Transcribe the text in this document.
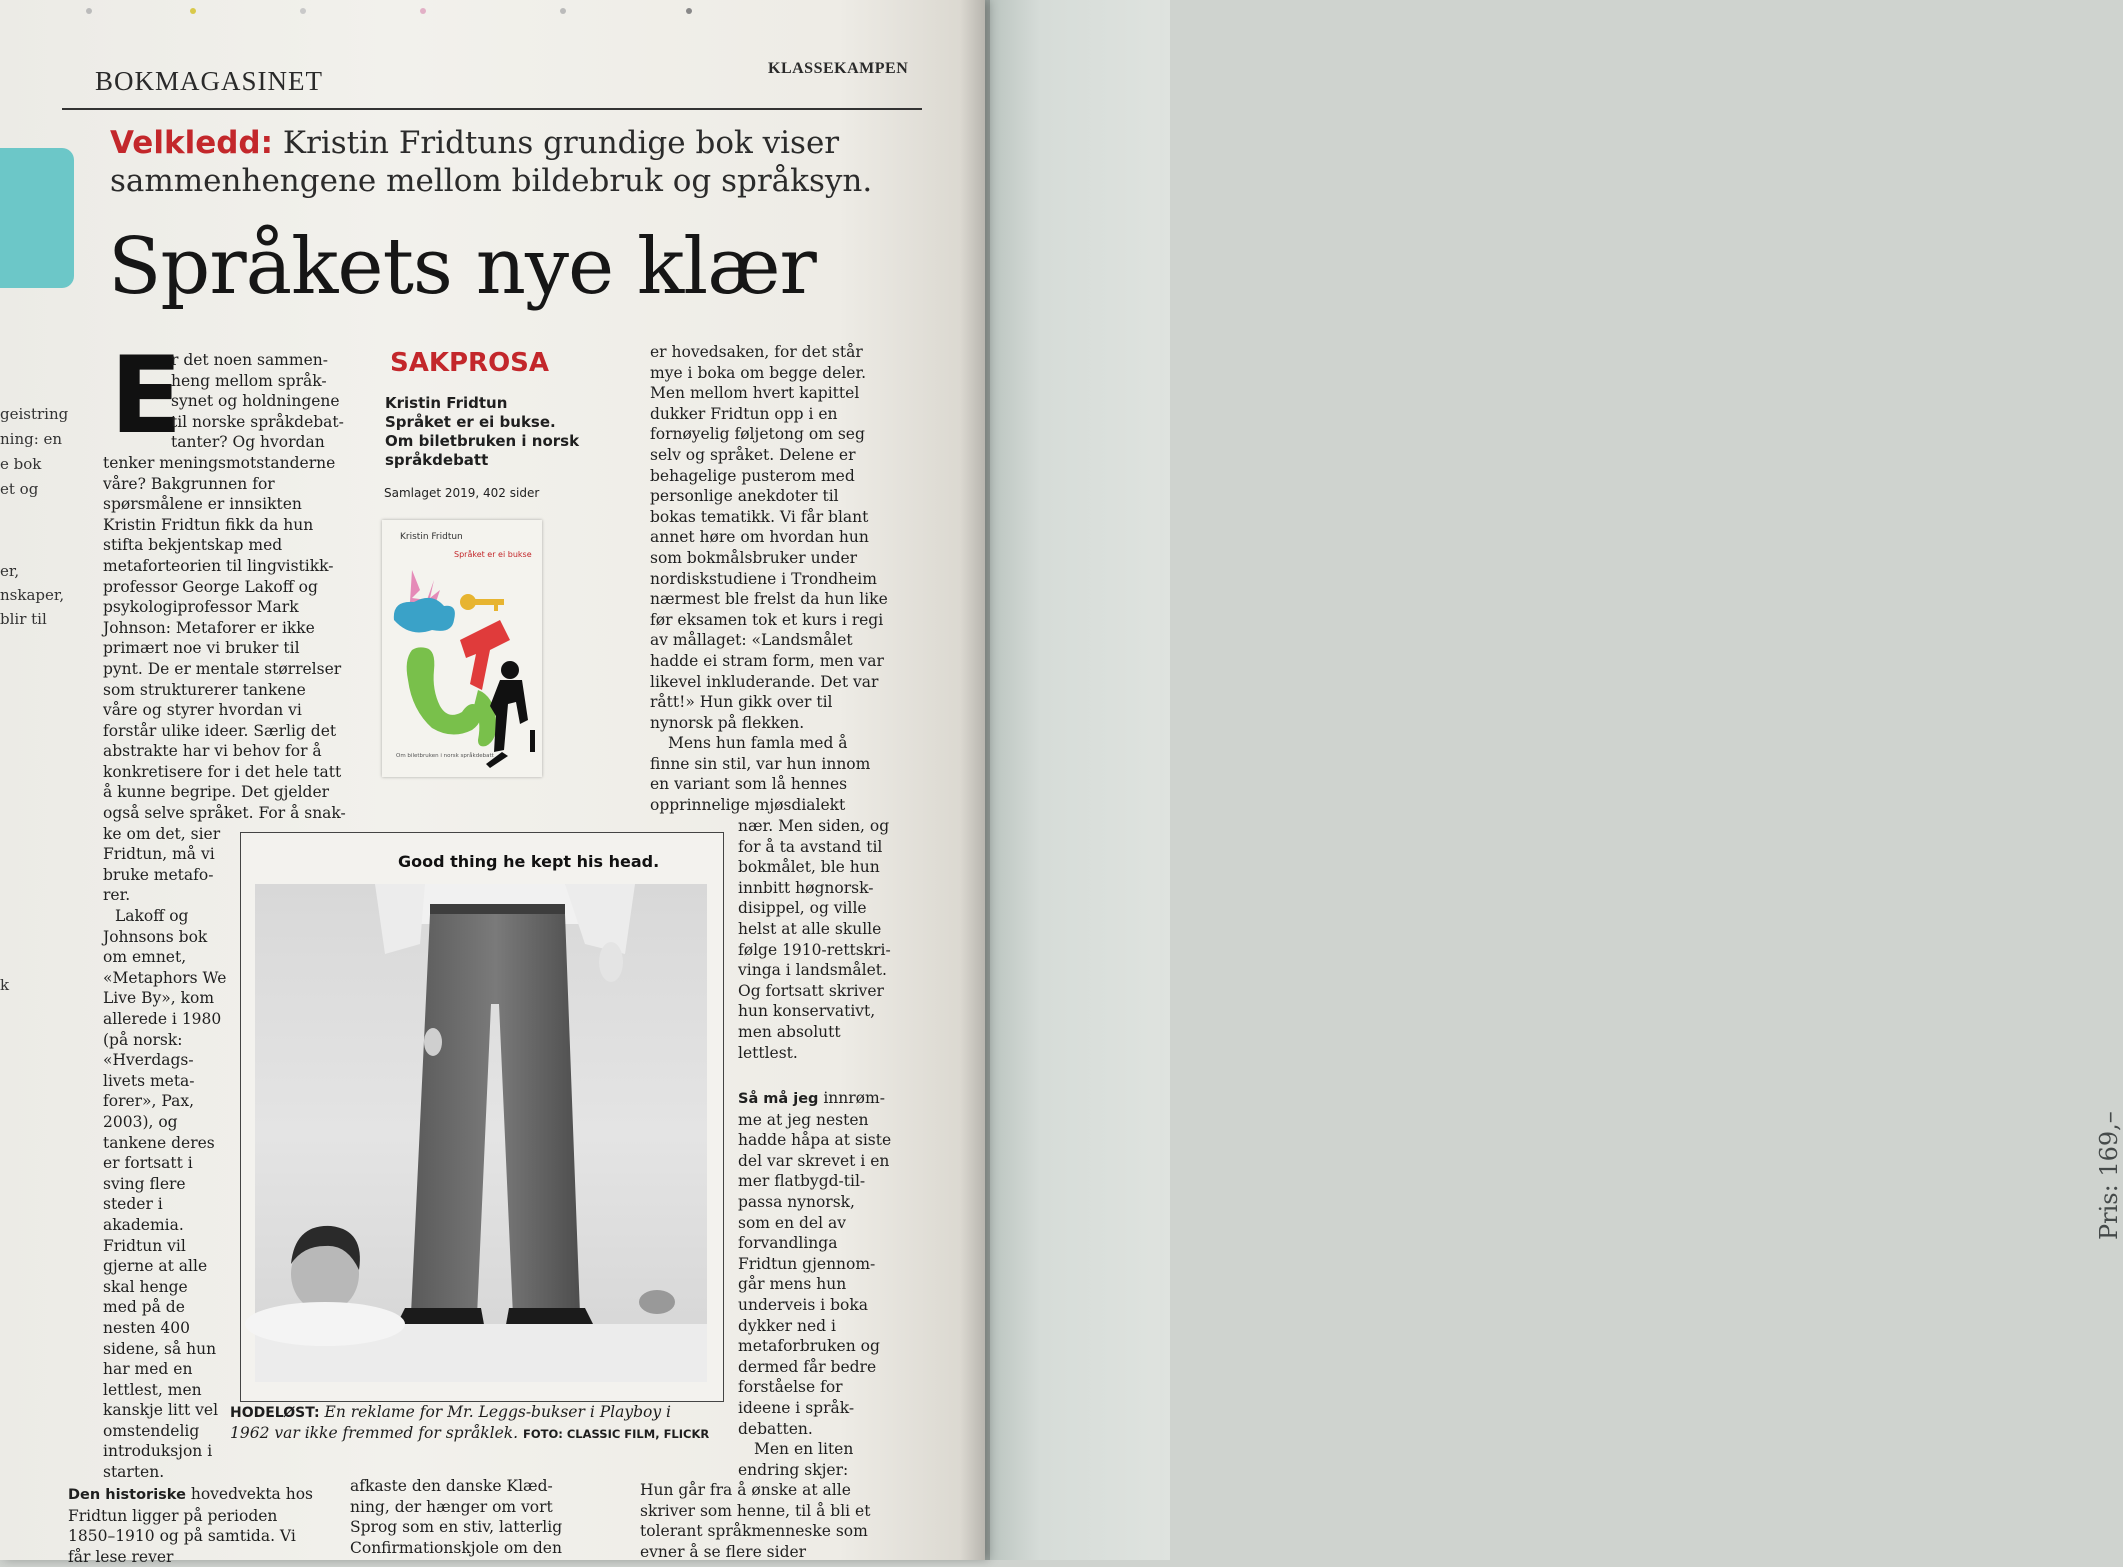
Pris: 169,–
geistring
ning: en
e bok
et og
er,
nskaper,
blir til
k
BOKMAGASINET	KLASSEKAMPEN
Velkledd: Kristin Fridtuns grundige bok viser sammenhengene mellom bildebruk og språksyn.
Språkets nye klær
E
r det noen sammen-
heng mellom språk-
synet og holdningene
til norske språkdebat-
tanter? Og hvordan
tenker meningsmotstanderne
våre? Bakgrunnen for
spørsmålene er innsikten
Kristin Fridtun fikk da hun
stifta bekjentskap med
metaforteorien til lingvistikk-
professor George Lakoff og
psykologiprofessor Mark
Johnson: Metaforer er ikke
primært noe vi bruker til
pynt. De er mentale størrelser
som strukturerer tankene
våre og styrer hvordan vi
forstår ulike ideer. Særlig det
abstrakte har vi behov for å
konkretisere for i det hele tatt
å kunne begripe. Det gjelder
også selve språket. For å snak-
ke om det, sier
Fridtun, må vi
bruke metafo-
rer.
Lakoff og
Johnsons bok
om emnet,
«Metaphors We
Live By», kom
allerede i 1980
(på norsk:
«Hverdags-
livets meta-
forer», Pax,
2003), og
tankene deres
er fortsatt i
sving flere
steder i
akademia.
Fridtun vil
gjerne at alle
skal henge
med på de
nesten 400
sidene, så hun
har med en
lettlest, men
kanskje litt vel
omstendelig
introduksjon i
starten.
SAKPROSA
Kristin Fridtun
Språket er ei bukse.
Om biletbruken i norsk
språkdebatt
Samlaget 2019, 402 sider
Kristin Fridtun
Språket er ei bukse
Om biletbruken i norsk språkdebatt
er hovedsaken, for det står
mye i boka om begge deler.
Men mellom hvert kapittel
dukker Fridtun opp i en
fornøyelig føljetong om seg
selv og språket. Delene er
behagelige pusterom med
personlige anekdoter til
bokas tematikk. Vi får blant
annet høre om hvordan hun
som bokmålsbruker under
nordiskstudiene i Trondheim
nærmest ble frelst da hun like
før eksamen tok et kurs i regi
av mållaget: «Landsmålet
hadde ei stram form, men var
likevel inkluderande. Det var
rått!» Hun gikk over til
nynorsk på flekken.
Mens hun famla med å
finne sin stil, var hun innom
en variant som lå hennes
opprinnelige mjøsdialekt
nær. Men siden, og
for å ta avstand til
bokmålet, ble hun
innbitt høgnorsk-
disippel, og ville
helst at alle skulle
følge 1910-rettskri-
vinga i landsmålet.
Og fortsatt skriver
hun konservativt,
men absolutt
lettlest.
Så må jeg innrøm-
me at jeg nesten
hadde håpa at siste
del var skrevet i en
mer flatbygd-til-
passa nynorsk,
som en del av
forvandlinga
Fridtun gjennom-
går mens hun
underveis i boka
dykker ned i
metaforbruken og
dermed får bedre
forståelse for
ideene i språk-
debatten.
Men en liten
endring skjer:
Good thing he kept his head.
HODELØST: En reklame for Mr. Leggs-bukser i Playboy i 1962 var ikke fremmed for språklek. FOTO: CLASSIC FILM, FLICKR
Den historiske hovedvekta hos
Fridtun ligger på perioden
1850–1910 og på samtida. Vi
får lese rever
afkaste den danske Klæd-
ning, der hænger om vort
Sprog som en stiv, latterlig
Confirmationskjole om den
Hun går fra å ønske at alle
skriver som henne, til å bli et
tolerant språkmenneske som
evner å se flere sider
